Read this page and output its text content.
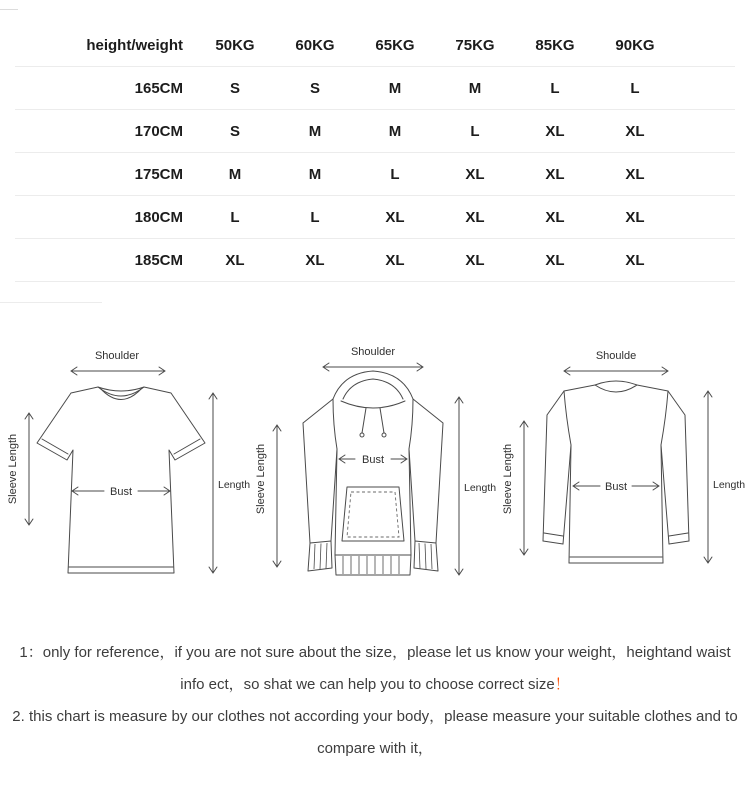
height/weight	50KG	60KG	65KG	75KG	85KG	90KG
165CM	S	S	M	M	L	L
170CM	S	M	M	L	XL	XL
175CM	M	M	L	XL	XL	XL
180CM	L	L	XL	XL	XL	XL
185CM	XL	XL	XL	XL	XL	XL
Shoulder
Sleeve Length	Bust
Length
Shoulder
Sleeve Length	Bust
Length
Shoulde
Sleeve Length	Bust	Length

1：only for reference，if you are not sure about the size，please let us know your weight，heightand waist

info ect，so shat we can help you to choose correct size！

2. this chart is measure by our clothes not according your body，please measure your suitable clothes and to

compare with it，
